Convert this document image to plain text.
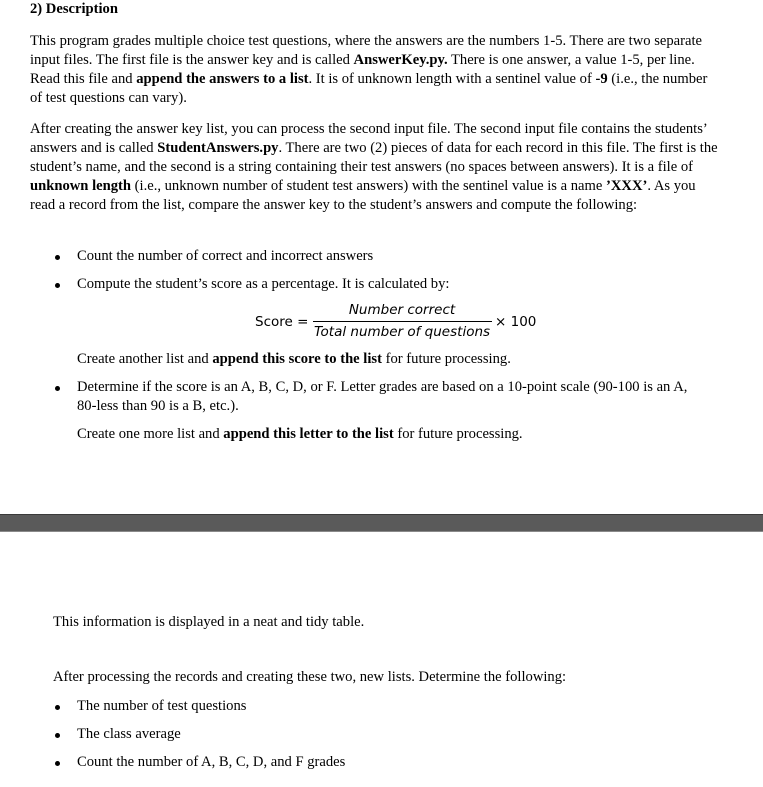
2) Description
This program grades multiple choice test questions, where the answers are the numbers 1-5. There are two separate input files. The first file is the answer key and is called AnswerKey.py. There is one answer, a value 1-5, per line. Read this file and append the answers to a list. It is of unknown length with a sentinel value of -9 (i.e., the number of test questions can vary).
After creating the answer key list, you can process the second input file. The second input file contains the students’ answers and is called StudentAnswers.py. There are two (2) pieces of data for each record in this file. The first is the student’s name, and the second is a string containing their test answers (no spaces between answers). It is a file of unknown length (i.e., unknown number of student test answers) with the sentinel value is a name ’XXX’. As you read a record from the list, compare the answer key to the student’s answers and compute the following:
Count the number of correct and incorrect answers
Compute the student’s score as a percentage. It is calculated by:
Score =
Number correct
Total number of questions
× 100
Create another list and append this score to the list for future processing.
Determine if the score is an A, B, C, D, or F. Letter grades are based on a 10-point scale (90-100 is an A, 80-less than 90 is a B, etc.).
Create one more list and append this letter to the list for future processing.
This information is displayed in a neat and tidy table.
After processing the records and creating these two, new lists. Determine the following:
The number of test questions
The class average
Count the number of A, B, C, D, and F grades
